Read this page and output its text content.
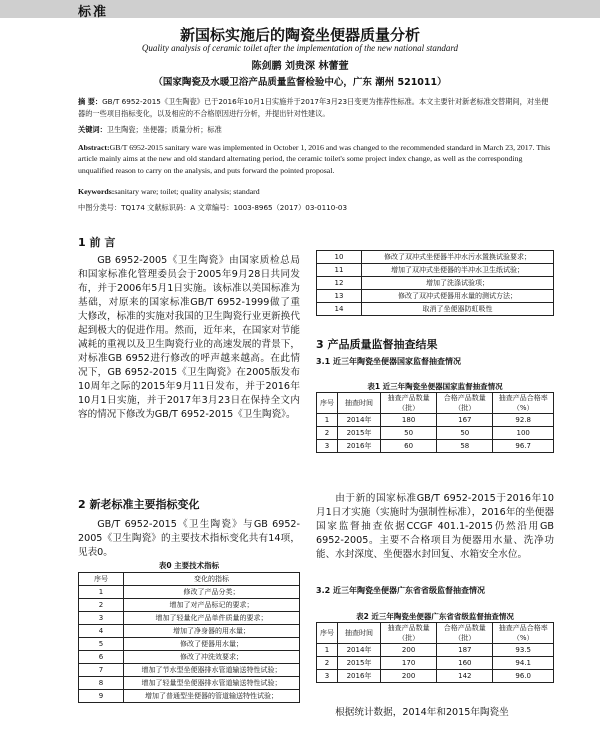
标准
新国标实施后的陶瓷坐便器质量分析
Quality analysis of ceramic toilet after the implementation of the new national standard
陈剑鹏 刘贵深 林蕾萱
（国家陶瓷及水暖卫浴产品质量监督检验中心，广东 潮州 521011）
摘 要：GB/T 6952-2015《卫生陶瓷》已于2016年10月1日实施并于2017年3月23日变更为推荐性标准。本文主要针对新老标准交替期间，对坐便器的一些项目指标变化，以及相应的不合格原因进行分析，并提出针对性建议。
关键词：卫生陶瓷；坐便器；质量分析；标准
Abstract:GB/T 6952-2015 sanitary ware was implemented in October 1, 2016 and was changed to the recommended standard in March 23, 2017. This article mainly aims at the new and old standard alternating period, the ceramic toilet's some project index change, as well as the corresponding unqualified reason to carry on the analysis, and puts forward the pointed proposal.
Keywords:sanitary ware; toilet; quality analysis; standard
中图分类号：TQ174 文献标识码：A 文章编号：1003-8965（2017）03-0110-03
1 前 言
GB 6952-2005《卫生陶瓷》由国家质检总局和国家标准化管理委员会于2005年9月28日共同发布，并于2006年5月1日实施。该标准以美国标准为基础，对原来的国家标准GB/T 6952-1999做了重大修改，标准的实施对我国的卫生陶瓷行业更新换代起到极大的促进作用。然而，近年来，在国家对节能减耗的重视以及卫生陶瓷行业的高速发展的背景下，对标准GB 6952进行修改的呼声越来越高。在此情况下，GB 6952-2015《卫生陶瓷》在2005版发布10周年之际的2015年9月11日发布，并于2016年10月1日实施，并于2017年3月23日在保持全文内容的情况下修改为GB/T 6952-2015《卫生陶瓷》。
2 新老标准主要指标变化
GB/T 6952-2015《卫生陶瓷》与GB 6952-2005《卫生陶瓷》的主要技术指标变化共有14项，见表0。
表0 主要技术指标
序号	变化的指标
1	修改了产品分类；
2	增加了对产品标记的要求；
3	增加了轻量化产品单件质量的要求；
4	增加了净身器的用水量；
5	修改了便器用水量；
6	修改了冲洗效要求；
7	增加了节水型坐便器排水管道输送特性试验；
8	增加了轻量型坐便器排水管道输送特性试验；
9	增加了普通型坐便器的管道输送特性试验；
10	修改了双冲式坐便器半冲水污水置换试验要求；
11	增加了双冲式坐便器的半冲水卫生纸试验；
12	增加了洗涤试验项；
13	修改了双冲式便器用水量的测试方法；
14	取消了坐便器防虹吸性
3 产品质量监督抽查结果
3.1 近三年陶瓷坐便器国家监督抽查情况
表1 近三年陶瓷坐便器国家监督抽查情况
序号	抽查时间	抽查产品数量（批）	合格产品数量（批）	抽查产品合格率（%）
1	2014年	180	167	92.8
2	2015年	50	50	100
3	2016年	60	58	96.7
由于新的国家标准GB/T 6952-2015于2016年10月1日才实施（实施时为强制性标准），2016年的坐便器国家监督抽查依据CCGF 401.1-2015仍然沿用GB 6952-2005。主要不合格项目为便器用水量、洗净功能、水封深度、坐便器水封回复、水箱安全水位。
3.2 近三年陶瓷坐便器广东省省级监督抽查情况
表2 近三年陶瓷坐便器广东省省级监督抽查情况
序号	抽查时间	抽查产品数量（批）	合格产品数量（批）	抽查产品合格率（%）
1	2014年	200	187	93.5
2	2015年	170	160	94.1
3	2016年	200	142	96.0
根据统计数据，2014年和2015年陶瓷坐
